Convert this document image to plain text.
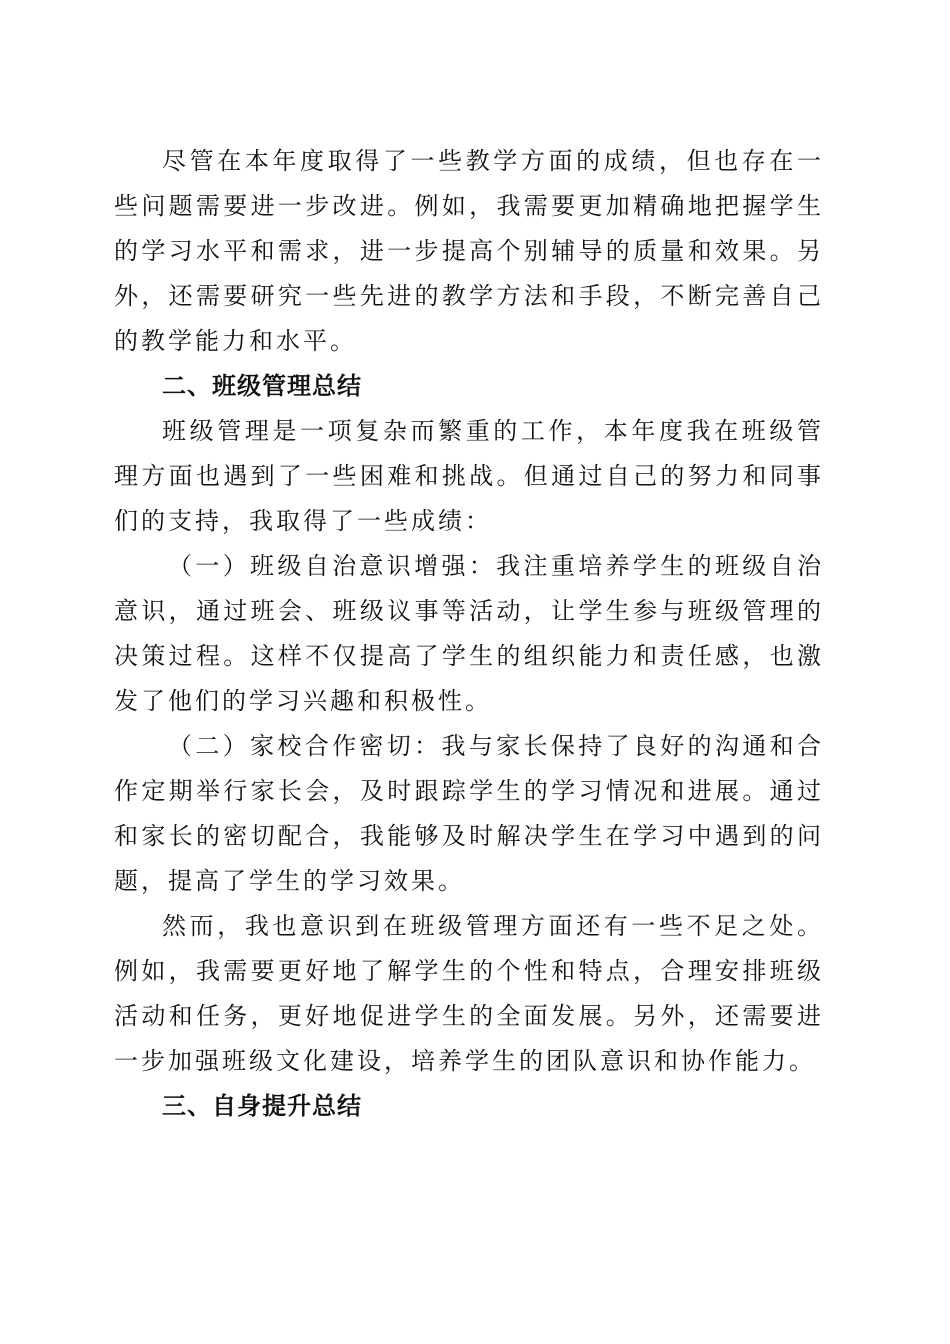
尽管在本年度取得了一些教学方面的成绩，但也存在一些问题需要进一步改进。例如，我需要更加精确地把握学生的学习水平和需求，进一步提高个别辅导的质量和效果。另外，还需要研究一些先进的教学方法和手段，不断完善自己的教学能力和水平。

二、班级管理总结

班级管理是一项复杂而繁重的工作，本年度我在班级管理方面也遇到了一些困难和挑战。但通过自己的努力和同事们的支持，我取得了一些成绩：

（一）班级自治意识增强：我注重培养学生的班级自治意识，通过班会、班级议事等活动，让学生参与班级管理的决策过程。这样不仅提高了学生的组织能力和责任感，也激发了他们的学习兴趣和积极性。

（二）家校合作密切：我与家长保持了良好的沟通和合作定期举行家长会，及时跟踪学生的学习情况和进展。通过和家长的密切配合，我能够及时解决学生在学习中遇到的问题，提高了学生的学习效果。

然而，我也意识到在班级管理方面还有一些不足之处。例如，我需要更好地了解学生的个性和特点，合理安排班级活动和任务，更好地促进学生的全面发展。另外，还需要进一步加强班级文化建设，培养学生的团队意识和协作能力。

三、自身提升总结
